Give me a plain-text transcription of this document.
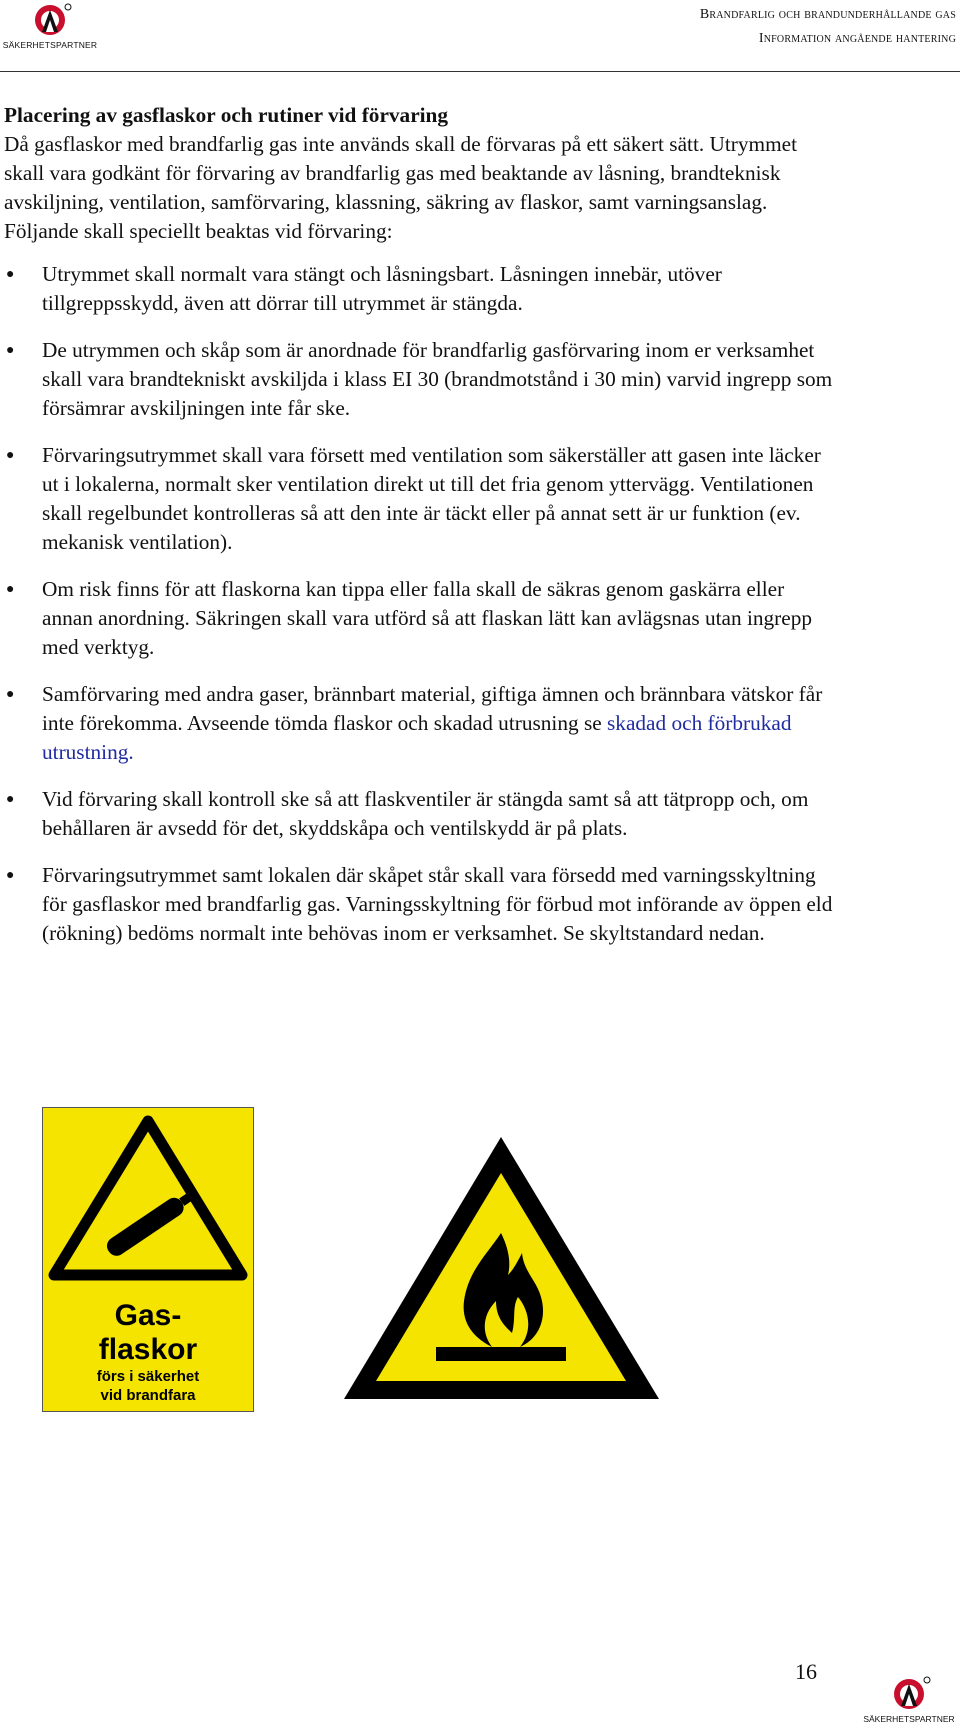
SÄKERHETSPARTNER
Brandfarlig och brandunderhållande gas
Information angående hantering

Placering av gasflaskor och rutiner vid förvaring

Då gasflaskor med brandfarlig gas inte används skall de förvaras på ett säkert sätt. Utrymmet skall vara godkänt för förvaring av brandfarlig gas med beaktande av låsning, brandteknisk avskiljning, ventilation, samförvaring, klassning, säkring av flaskor, samt varningsanslag. Följande skall speciellt beaktas vid förvaring:

● Utrymmet skall normalt vara stängt och låsningsbart. Låsningen innebär, utöver tillgreppsskydd, även att dörrar till utrymmet är stängda.
● De utrymmen och skåp som är anordnade för brandfarlig gasförvaring inom er verksamhet skall vara brandtekniskt avskiljda i klass EI 30 (brandmotstånd i 30 min) varvid ingrepp som försämrar avskiljningen inte får ske.
● Förvaringsutrymmet skall vara försett med ventilation som säkerställer att gasen inte läcker ut i lokalerna, normalt sker ventilation direkt ut till det fria genom yttervägg. Ventilationen skall regelbundet kontrolleras så att den inte är täckt eller på annat sett är ur funktion (ev. mekanisk ventilation).
● Om risk finns för att flaskorna kan tippa eller falla skall de säkras genom gaskärra eller annan anordning. Säkringen skall vara utförd så att flaskan lätt kan avlägsnas utan ingrepp med verktyg.
● Samförvaring med andra gaser, brännbart material, giftiga ämnen och brännbara vätskor får inte förekomma. Avseende tömda flaskor och skadad utrusning se skadad och förbrukad utrustning.
● Vid förvaring skall kontroll ske så att flaskventiler är stängda samt så att tätpropp och, om behållaren är avsedd för det, skyddskåpa och ventilskydd är på plats.
● Förvaringsutrymmet samt lokalen där skåpet står skall vara försedd med varningsskyltning för gasflaskor med brandfarlig gas. Varningsskyltning för förbud mot införande av öppen eld (rökning) bedöms normalt inte behövas inom er verksamhet. Se skyltstandard nedan.
Gas-
flaskor
förs i säkerhet
vid brandfara
16
SÄKERHETSPARTNER
